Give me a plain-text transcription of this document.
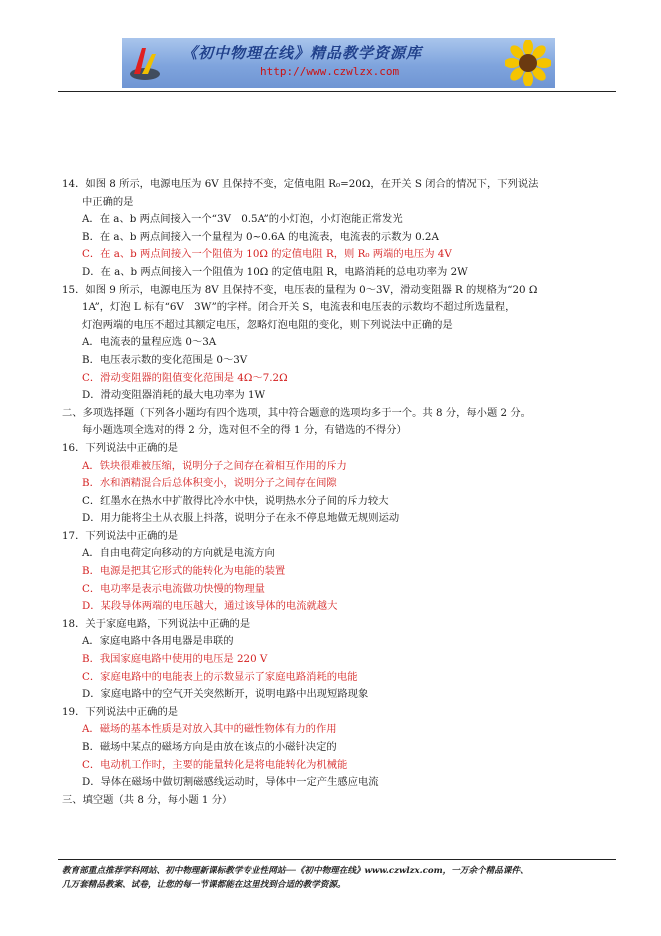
《初中物理在线》精品教学资源库
http://www.czwlzx.com
14．如图 8 所示，电源电压为 6V 且保持不变，定值电阻 R₀=20Ω，在开关 S 闭合的情况下，下列说法
中正确的是
A．在 a、b 两点间接入一个“3V　0.5A”的小灯泡，小灯泡能正常发光
B．在 a、b 两点间接入一个量程为 0~0.6A 的电流表，电流表的示数为 0.2A
C．在 a、b 两点间接入一个阻值为 10Ω 的定值电阻 R，则 R₀ 两端的电压为 4V
D．在 a、b 两点间接入一个阻值为 10Ω 的定值电阻 R，电路消耗的总电功率为 2W
15．如图 9 所示，电源电压为 8V 且保持不变，电压表的量程为 0～3V，滑动变阻器 R 的规格为“20 Ω
1A”，灯泡 L 标有“6V　3W”的字样。闭合开关 S，电流表和电压表的示数均不超过所选量程，
灯泡两端的电压不超过其额定电压，忽略灯泡电阻的变化，则下列说法中正确的是
A．电流表的量程应选 0～3A
B．电压表示数的变化范围是 0～3V
C．滑动变阻器的阻值变化范围是 4Ω～7.2Ω
D．滑动变阻器消耗的最大电功率为 1W
二、多项选择题（下列各小题均有四个选项，其中符合题意的选项均多于一个。共 8 分，每小题 2 分。
每小题选项全选对的得 2 分，选对但不全的得 1 分，有错选的不得分）
16．下列说法中正确的是
A．铁块很难被压缩，说明分子之间存在着相互作用的斥力
B．水和酒精混合后总体积变小，说明分子之间存在间隙
C．红墨水在热水中扩散得比冷水中快，说明热水分子间的斥力较大
D．用力能将尘土从衣服上抖落，说明分子在永不停息地做无规则运动
17．下列说法中正确的是
A．自由电荷定向移动的方向就是电流方向
B．电源是把其它形式的能转化为电能的装置
C．电功率是表示电流做功快慢的物理量
D．某段导体两端的电压越大，通过该导体的电流就越大
18．关于家庭电路，下列说法中正确的是
A．家庭电路中各用电器是串联的
B．我国家庭电路中使用的电压是 220 V
C．家庭电路中的电能表上的示数显示了家庭电路消耗的电能
D．家庭电路中的空气开关突然断开，说明电路中出现短路现象
19．下列说法中正确的是
A．磁场的基本性质是对放入其中的磁性物体有力的作用
B．磁场中某点的磁场方向是由放在该点的小磁针决定的
C．电动机工作时，主要的能量转化是将电能转化为机械能
D．导体在磁场中做切割磁感线运动时，导体中一定产生感应电流
三、填空题（共 8 分，每小题 1 分）
教育部重点推荐学科网站、初中物理新课标教学专业性网站──《初中物理在线》www.czwlzx.com，一万余个精品课件、
几万套精品教案、试卷，让您的每一节课都能在这里找到合适的教学资源。
